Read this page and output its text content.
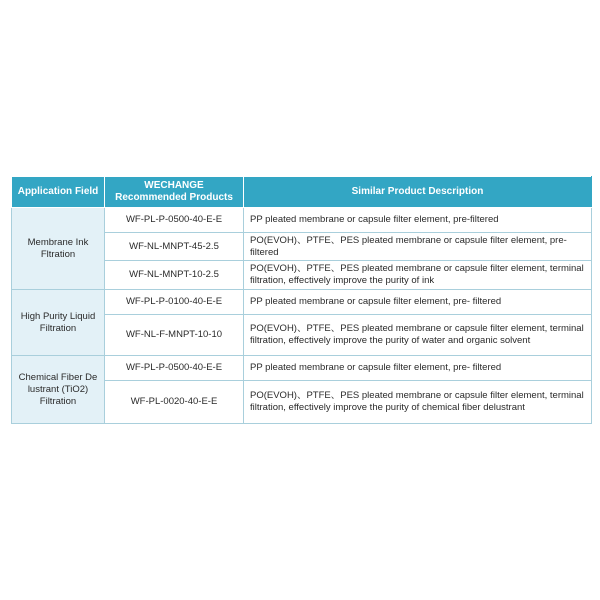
Application Field	WECHANGE Recommended Products	Similar Product Description
Membrane Ink Fltration	WF-PL-P-0500-40-E-E	PP pleated membrane or capsule filter element, pre-filtered
	WF-NL-MNPT-45-2.5	PO(EVOH)、PTFE、PES pleated membrane or capsule filter element, pre-filtered
	WF-NL-MNPT-10-2.5	PO(EVOH)、PTFE、PES pleated membrane or capsule filter element, terminal filtration, effectively improve the purity of ink
High Purity Liquid Filtration	WF-PL-P-0100-40-E-E	PP pleated membrane or capsule filter element, pre- filtered
	WF-NL-F-MNPT-10-10	PO(EVOH)、PTFE、PES pleated membrane or capsule filter element, terminal filtration, effectively improve the purity of water and organic solvent
Chemical Fiber De lustrant (TiO2) Filtration	WF-PL-P-0500-40-E-E	PP pleated membrane or capsule filter element, pre- filtered
	WF-PL-0020-40-E-E	PO(EVOH)、PTFE、PES pleated membrane or capsule filter element, terminal filtration, effectively improve the purity of chemical fiber delustrant
